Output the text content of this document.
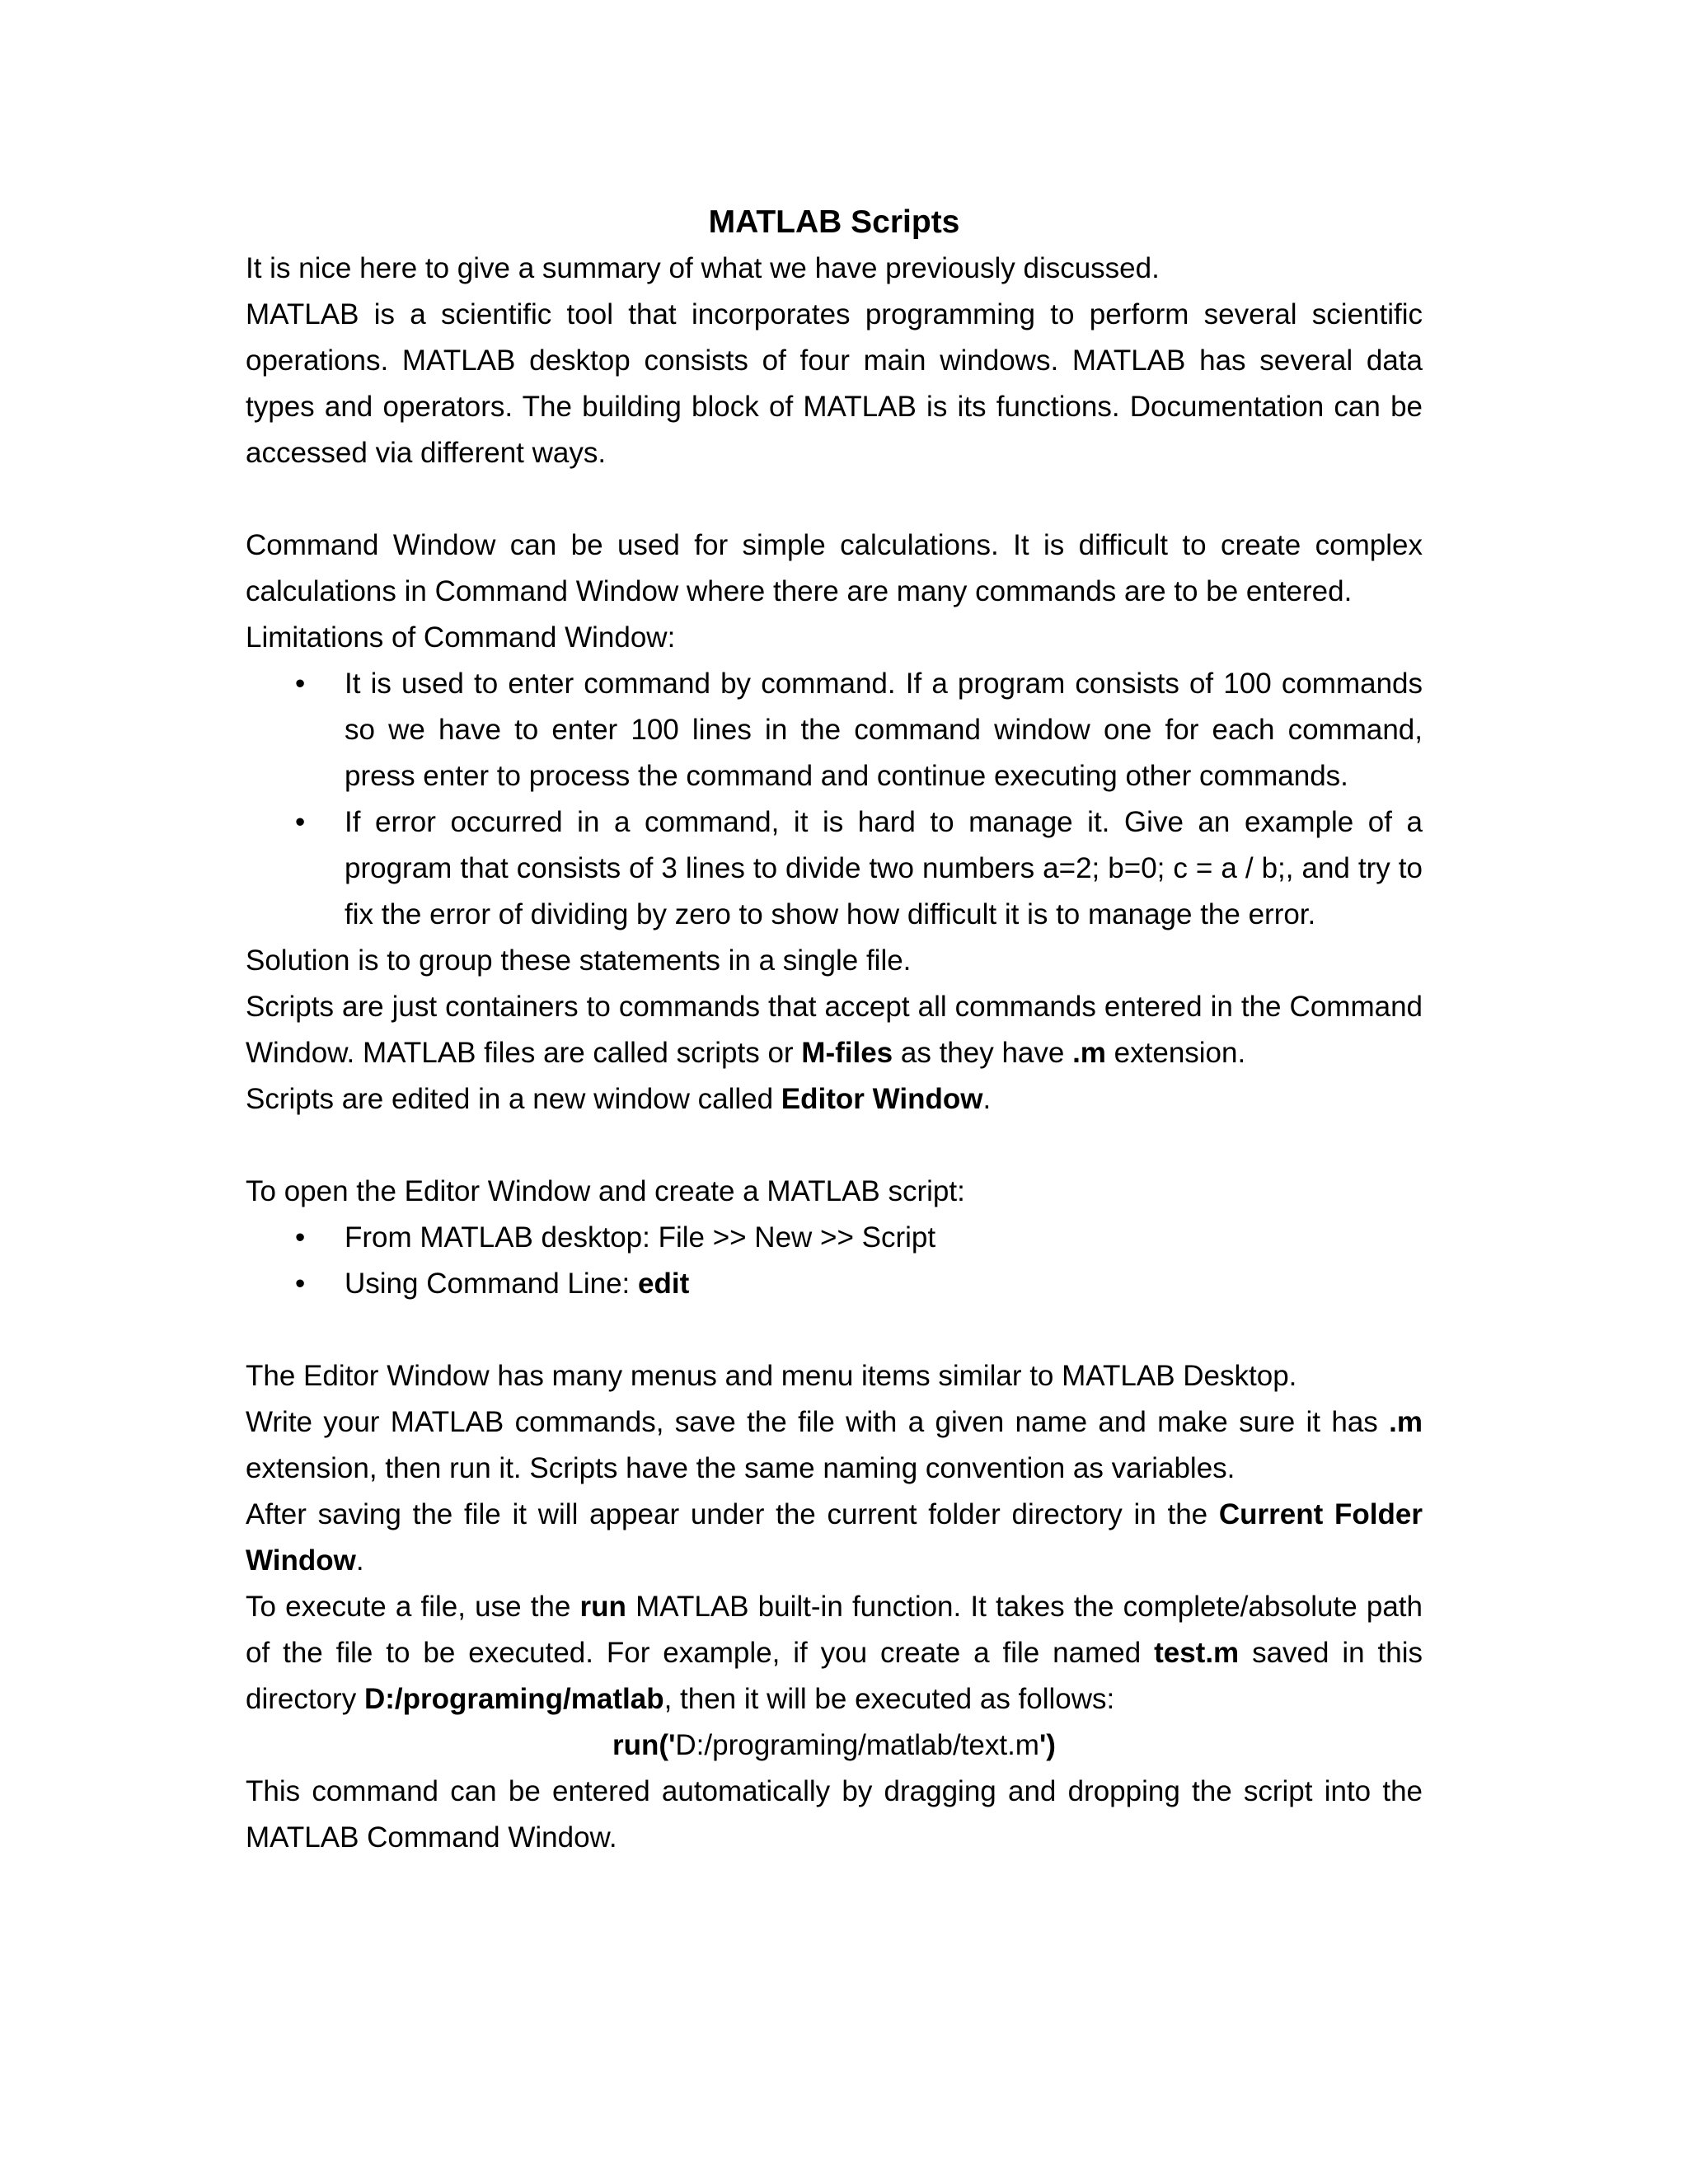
MATLAB Scripts

It is nice here to give a summary of what we have previously discussed.

MATLAB is a scientific tool that incorporates programming to perform several scientific operations. MATLAB desktop consists of four main windows. MATLAB has several data types and operators. The building block of MATLAB is its functions. Documentation can be accessed via different ways.

Command Window can be used for simple calculations. It is difficult to create complex calculations in Command Window where there are many commands are to be entered.

Limitations of Command Window:

• It is used to enter command by command. If a program consists of 100 commands so we have to enter 100 lines in the command window one for each command, press enter to process the command and continue executing other commands.
• If error occurred in a command, it is hard to manage it. Give an example of a program that consists of 3 lines to divide two numbers a=2; b=0; c = a / b;, and try to fix the error of dividing by zero to show how difficult it is to manage the error.

Solution is to group these statements in a single file.

Scripts are just containers to commands that accept all commands entered in the Command Window. MATLAB files are called scripts or M-files as they have .m extension.

Scripts are edited in a new window called Editor Window.

To open the Editor Window and create a MATLAB script:

• From MATLAB desktop: File >> New >> Script
• Using Command Line: edit

The Editor Window has many menus and menu items similar to MATLAB Desktop.

Write your MATLAB commands, save the file with a given name and make sure it has .m extension, then run it. Scripts have the same naming convention as variables.

After saving the file it will appear under the current folder directory in the Current Folder Window.

To execute a file, use the run MATLAB built-in function. It takes the complete/absolute path of the file to be executed. For example, if you create a file named test.m saved in this directory D:/programing/matlab, then it will be executed as follows:

run('D:/programing/matlab/text.m')

This command can be entered automatically by dragging and dropping the script into the MATLAB Command Window.
